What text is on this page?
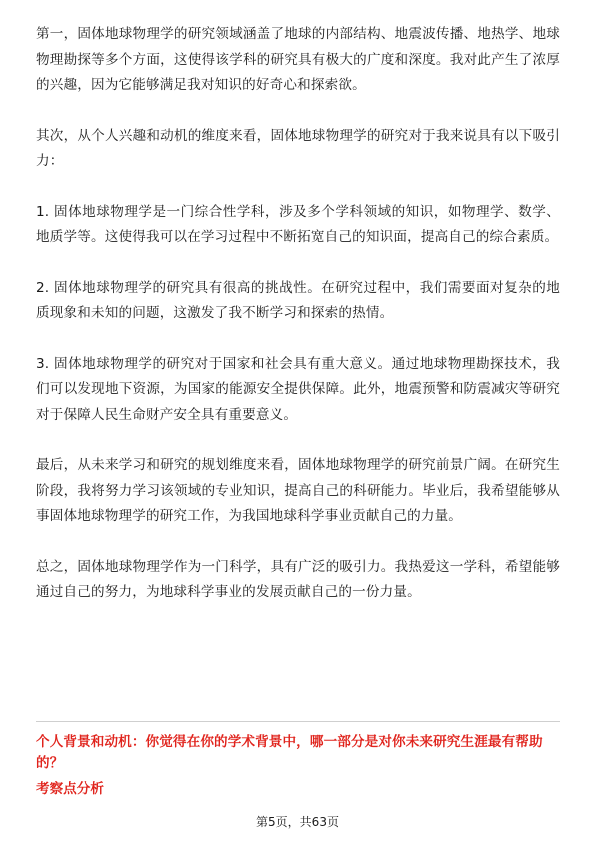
第一，固体地球物理学的研究领域涵盖了地球的内部结构、地震波传播、地热学、地球物理勘探等多个方面，这使得该学科的研究具有极大的广度和深度。我对此产生了浓厚的兴趣，因为它能够满足我对知识的好奇心和探索欲。

其次，从个人兴趣和动机的维度来看，固体地球物理学的研究对于我来说具有以下吸引力：

1. 固体地球物理学是一门综合性学科，涉及多个学科领域的知识，如物理学、数学、地质学等。这使得我可以在学习过程中不断拓宽自己的知识面，提高自己的综合素质。

2. 固体地球物理学的研究具有很高的挑战性。在研究过程中，我们需要面对复杂的地质现象和未知的问题，这激发了我不断学习和探索的热情。

3. 固体地球物理学的研究对于国家和社会具有重大意义。通过地球物理勘探技术，我们可以发现地下资源，为国家的能源安全提供保障。此外，地震预警和防震减灾等研究对于保障人民生命财产安全具有重要意义。

最后，从未来学习和研究的规划维度来看，固体地球物理学的研究前景广阔。在研究生阶段，我将努力学习该领域的专业知识，提高自己的科研能力。毕业后，我希望能够从事固体地球物理学的研究工作，为我国地球科学事业贡献自己的力量。

总之，固体地球物理学作为一门科学，具有广泛的吸引力。我热爱这一学科，希望能够通过自己的努力，为地球科学事业的发展贡献自己的一份力量。

个人背景和动机：你觉得在你的学术背景中，哪一部分是对你未来研究生涯最有帮助的？

考察点分析

第5页，共63页
